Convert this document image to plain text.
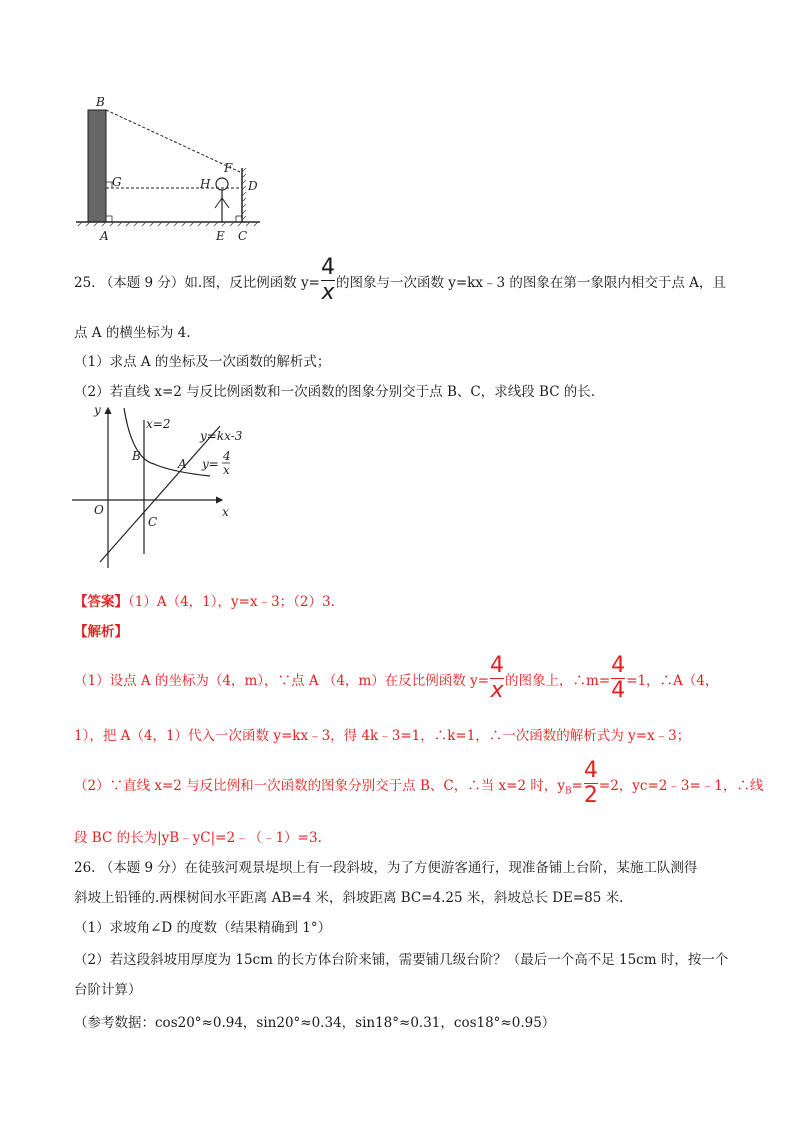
B
G	H
F
D
A	E C
25. （本题 9 分）如.图，反比例函数 $y= \frac{4}{x}$ 的图象与一次函数 y=kx﹣3 的图象在第一象限内相交于点 A，且
点 A 的横坐标为 4.
（1）求点 A 的坐标及一次函数的解析式；
（2）若直线 x=2 与反比例函数和一次函数的图象分别交于点 B、C，求线段 BC 的长.
y
x
O
x=2
y=kx-3
y=
4
x
A
B
C
【答案】（1）A（4，1），y=x﹣3；（2）3.
【解析】
（1）设点 A 的坐标为（4，m），∵点 A （4，m）在反比例函数 $y= \frac{4}{x}$ 的图象上，∴m= $\frac{4}{4} =1$，∴A（4，
1），把 A（4，1）代入一次函数 y=kx﹣3，得 4k﹣3=1，∴k=1，∴一次函数的解析式为 y=x﹣3；
（2）∵直线 x=2 与反比例和一次函数的图象分别交于点 B、C，∴当 x=2 时，$y_B= \frac{4}{2} =2$，yc=2﹣3=﹣1，∴线
段 BC 的长为|yB﹣yC|=2﹣（﹣1）=3.
26. （本题 9 分）在徒骇河观景堤坝上有一段斜坡，为了方便游客通行，现准备铺上台阶，某施工队测得
斜坡上铅锤的.两棵树间水平距离 AB=4 米，斜坡距离 BC=4.25 米，斜坡总长 DE=85 米.
（1）求坡角∠D 的度数（结果精确到 1°）
（2）若这段斜坡用厚度为 15cm 的长方体台阶来铺，需要铺几级台阶？（最后一个高不足 15cm 时，按一个
台阶计算）
（参考数据：cos20°≈0.94，sin20°≈0.34，sin18°≈0.31，cos18°≈0.95）
